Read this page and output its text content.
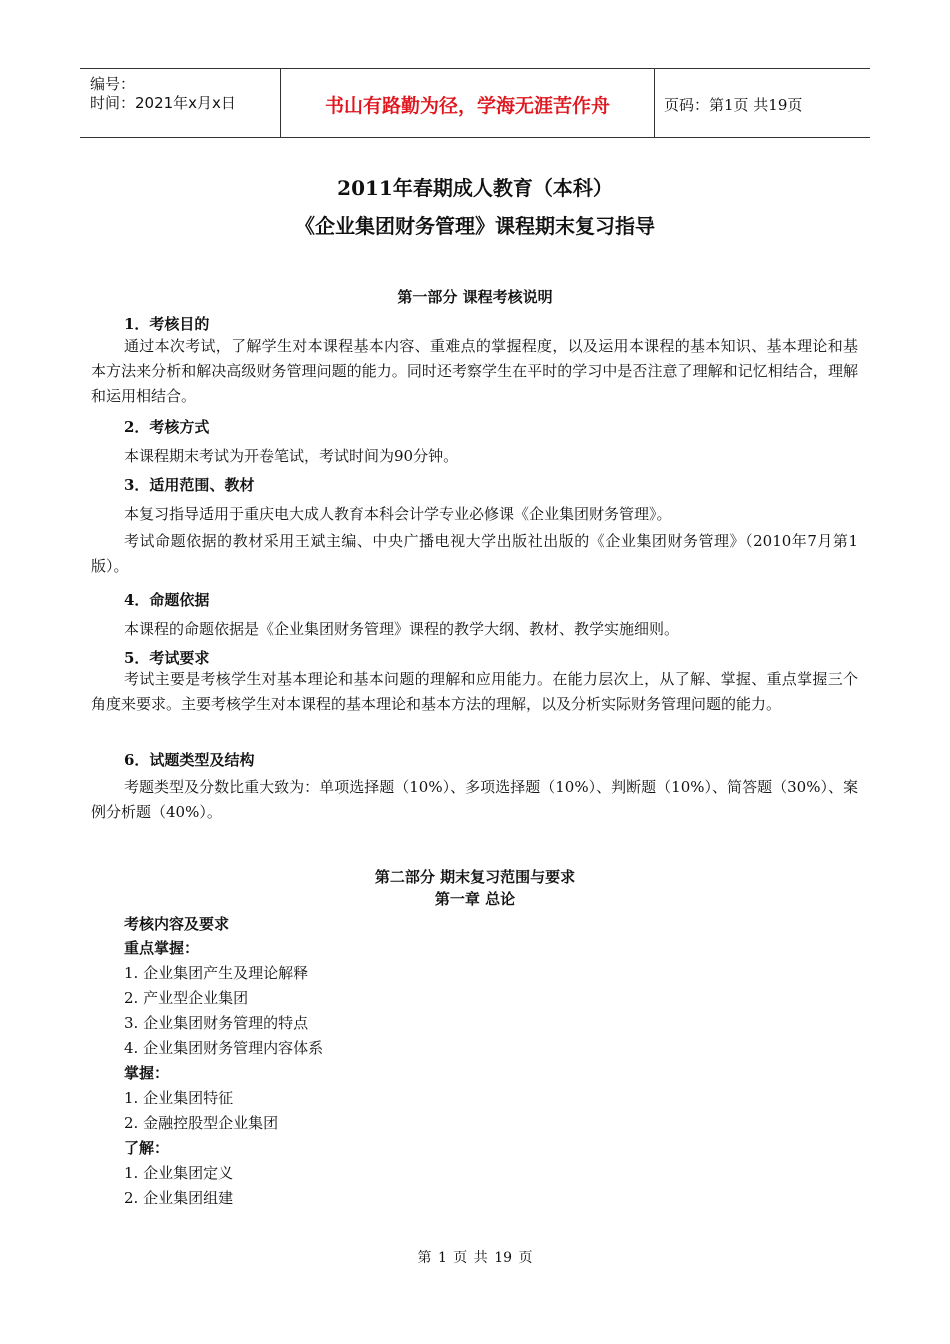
编号：
时间：2021年x月x日	书山有路勤为径，学海无涯苦作舟	页码：第1页 共19页
2011年春期成人教育（本科）
《企业集团财务管理》课程期末复习指导
第一部分 课程考核说明
1．考核目的
通过本次考试，了解学生对本课程基本内容、重难点的掌握程度，以及运用本课程的基本知识、基本理论和基本方法来分析和解决高级财务管理问题的能力。同时还考察学生在平时的学习中是否注意了理解和记忆相结合，理解和运用相结合。
2．考核方式
本课程期末考试为开卷笔试，考试时间为90分钟。
3．适用范围、教材
本复习指导适用于重庆电大成人教育本科会计学专业必修课《企业集团财务管理》。
考试命题依据的教材采用王斌主编、中央广播电视大学出版社出版的《企业集团财务管理》（2010年7月第1版）。
4．命题依据
本课程的命题依据是《企业集团财务管理》课程的教学大纲、教材、教学实施细则。
5．考试要求
考试主要是考核学生对基本理论和基本问题的理解和应用能力。在能力层次上，从了解、掌握、重点掌握三个角度来要求。主要考核学生对本课程的基本理论和基本方法的理解，以及分析实际财务管理问题的能力。
6．试题类型及结构
考题类型及分数比重大致为：单项选择题（10%）、多项选择题（10%）、判断题（10%）、简答题（30%）、案例分析题（40%）。
第二部分 期末复习范围与要求
第一章 总论
考核内容及要求
重点掌握：
1. 企业集团产生及理论解释
2. 产业型企业集团
3. 企业集团财务管理的特点
4. 企业集团财务管理内容体系
掌握：
1. 企业集团特征
2. 金融控股型企业集团
了解：
1. 企业集团定义
2. 企业集团组建
第 1 页 共 19 页
